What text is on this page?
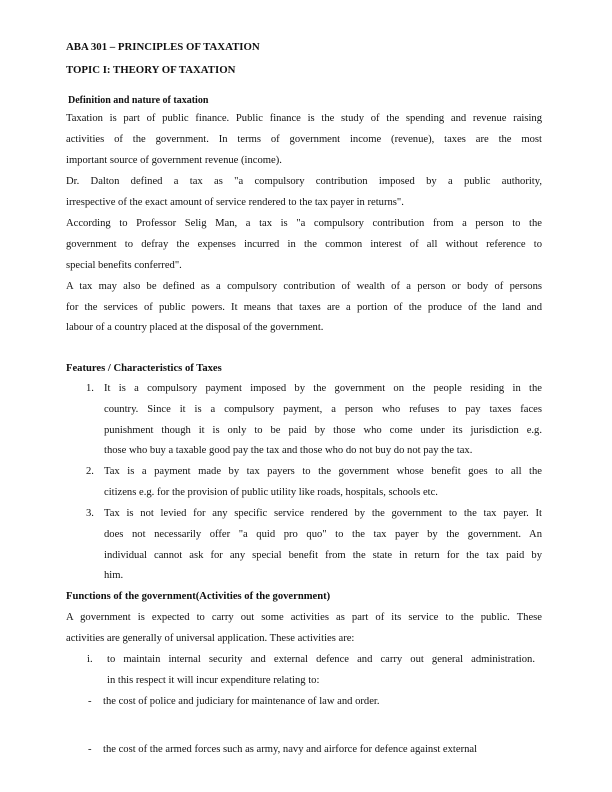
ABA 301 – PRINCIPLES OF TAXATION
TOPIC I: THEORY OF TAXATION
Definition and nature of taxation
Taxation is part of public finance. Public finance is the study of the spending and revenue raising
activities of the government. In terms of government income (revenue), taxes are the most
important source of government revenue (income).
Dr. Dalton defined a tax as "a compulsory contribution imposed by a public authority,
irrespective of the exact amount of service rendered to the tax payer in returns".
According to Professor Selig Man, a tax is "a compulsory contribution from a person to the
government to defray the expenses incurred in the common interest of all without reference to
special benefits conferred".
A tax may also be defined as a compulsory contribution of wealth of a person or body of persons
for the services of public powers. It means that taxes are a portion of the produce of the land and
labour of a country placed at the disposal of the government.
Features / Characteristics of Taxes
1. It is a compulsory payment imposed by the government on the people residing in the
country. Since it is a compulsory payment, a person who refuses to pay taxes faces
punishment though it is only to be paid by those who come under its jurisdiction e.g.
those who buy a taxable good pay the tax and those who do not buy do not pay the tax.
2. Tax is a payment made by tax payers to the government whose benefit goes to all the
citizens e.g. for the provision of public utility like roads, hospitals, schools etc.
3. Tax is not levied for any specific service rendered by the government to the tax payer. It
does not necessarily offer "a quid pro quo" to the tax payer by the government. An
individual cannot ask for any special benefit from the state in return for the tax paid by
him.
Functions of the government(Activities of the government)
A government is expected to carry out some activities as part of its service to the public. These
activities are generally of universal application. These activities are:
i. to maintain internal security and external defence and carry out general administration.
in this respect it will incur expenditure relating to:
- the cost of police and judiciary for maintenance of law and order.
- the cost of the armed forces such as army, navy and airforce for defence against external
